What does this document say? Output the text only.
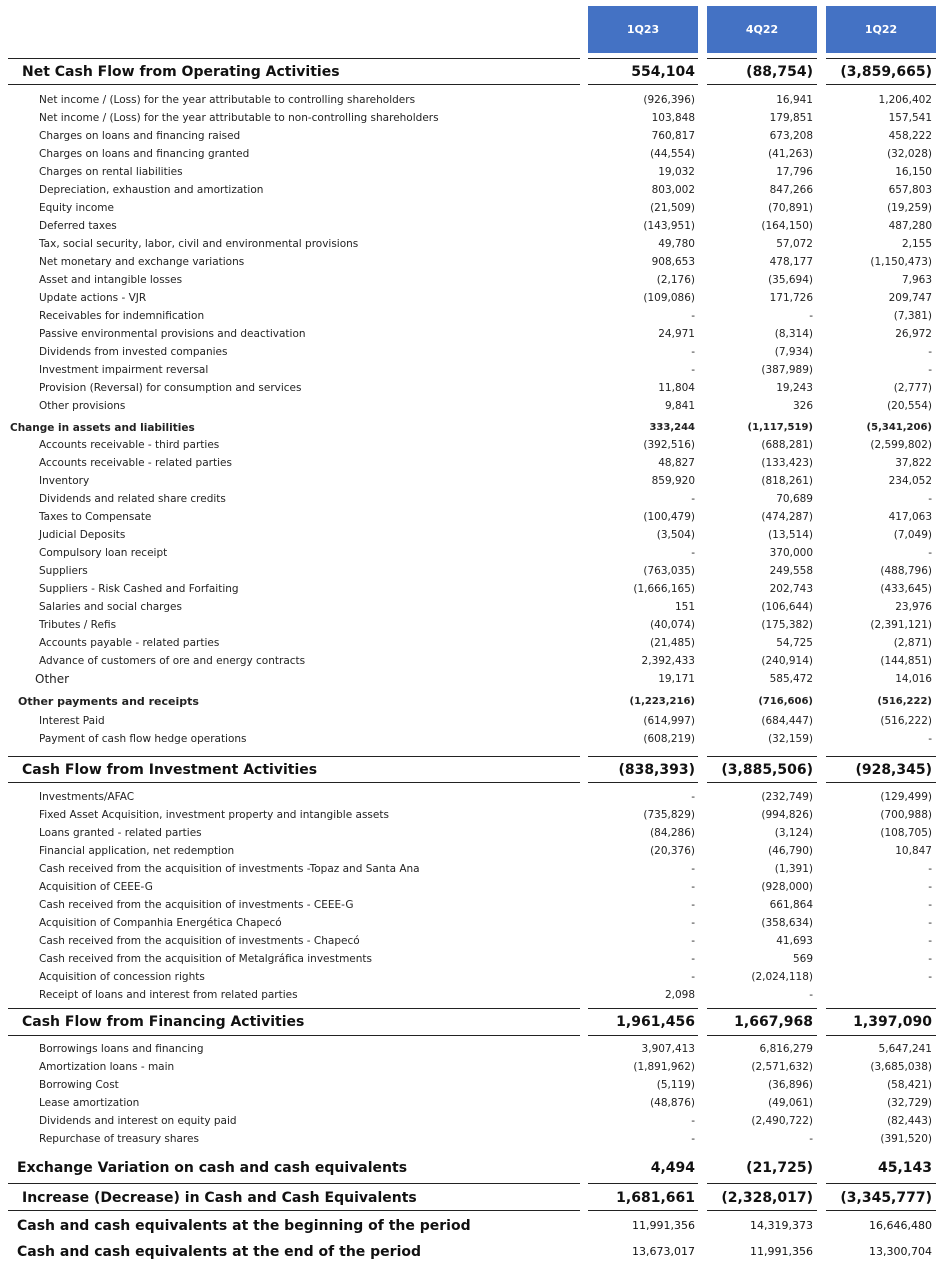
1Q23	4Q22	1Q22
Net Cash Flow from Operating Activities	554,104	(88,754)	(3,859,665)
Net income / (Loss) for the year attributable to controlling shareholders	(926,396)	16,941	1,206,402
Net income / (Loss) for the year attributable to non-controlling shareholders	103,848	179,851	157,541
Charges on loans and financing raised	760,817	673,208	458,222
Charges on loans and financing granted	(44,554)	(41,263)	(32,028)
Charges on rental liabilities	19,032	17,796	16,150
Depreciation, exhaustion and amortization	803,002	847,266	657,803
Equity income	(21,509)	(70,891)	(19,259)
Deferred taxes	(143,951)	(164,150)	487,280
Tax, social security, labor, civil and environmental provisions	49,780	57,072	2,155
Net monetary and exchange variations	908,653	478,177	(1,150,473)
Asset and intangible losses	(2,176)	(35,694)	7,963
Update actions - VJR	(109,086)	171,726	209,747
Receivables for indemnification	-	-	(7,381)
Passive environmental provisions and deactivation	24,971	(8,314)	26,972
Dividends from invested companies	-	(7,934)	-
Investment impairment reversal	-	(387,989)	-
Provision (Reversal) for consumption and services	11,804	19,243	(2,777)
Other provisions	9,841	326	(20,554)
Change in assets and liabilities	333,244	(1,117,519)	(5,341,206)
Accounts receivable - third parties	(392,516)	(688,281)	(2,599,802)
Accounts receivable - related parties	48,827	(133,423)	37,822
Inventory	859,920	(818,261)	234,052
Dividends and related share credits	-	70,689	-
Taxes to Compensate	(100,479)	(474,287)	417,063
Judicial Deposits	(3,504)	(13,514)	(7,049)
Compulsory loan receipt	-	370,000	-
Suppliers	(763,035)	249,558	(488,796)
Suppliers - Risk Cashed and Forfaiting	(1,666,165)	202,743	(433,645)
Salaries and social charges	151	(106,644)	23,976
Tributes / Refis	(40,074)	(175,382)	(2,391,121)
Accounts payable - related parties	(21,485)	54,725	(2,871)
Advance of customers of ore and energy contracts	2,392,433	(240,914)	(144,851)
Other	19,171	585,472	14,016
Other payments and receipts	(1,223,216)	(716,606)	(516,222)
Interest Paid	(614,997)	(684,447)	(516,222)
Payment of cash flow hedge operations	(608,219)	(32,159)	-
Cash Flow from Investment Activities	(838,393)	(3,885,506)	(928,345)
Investments/AFAC	-	(232,749)	(129,499)
Fixed Asset Acquisition, investment property and intangible assets	(735,829)	(994,826)	(700,988)
Loans granted - related parties	(84,286)	(3,124)	(108,705)
Financial application, net redemption	(20,376)	(46,790)	10,847
Cash received from the acquisition of investments -Topaz and Santa Ana	-	(1,391)	-
Acquisition of CEEE-G	-	(928,000)	-
Cash received from the acquisition of investments - CEEE-G	-	661,864	-
Acquisition of Companhia Energética Chapecó	-	(358,634)	-
Cash received from the acquisition of investments - Chapecó	-	41,693	-
Cash received from the acquisition of Metalgráfica investments	-	569	-
Acquisition of concession rights	-	(2,024,118)	-
Receipt of loans and interest from related parties	2,098	-
Cash Flow from Financing Activities	1,961,456	1,667,968	1,397,090
Borrowings loans and financing	3,907,413	6,816,279	5,647,241
Amortization loans - main	(1,891,962)	(2,571,632)	(3,685,038)
Borrowing Cost	(5,119)	(36,896)	(58,421)
Lease amortization	(48,876)	(49,061)	(32,729)
Dividends and interest on equity paid	-	(2,490,722)	(82,443)
Repurchase of treasury shares	-	-	(391,520)
Exchange Variation on cash and cash equivalents	4,494	(21,725)	45,143
Increase (Decrease) in Cash and Cash Equivalents	1,681,661	(2,328,017)	(3,345,777)
Cash and cash equivalents at the beginning of the period	11,991,356	14,319,373	16,646,480
Cash and cash equivalents at the end of the period	13,673,017	11,991,356	13,300,704
